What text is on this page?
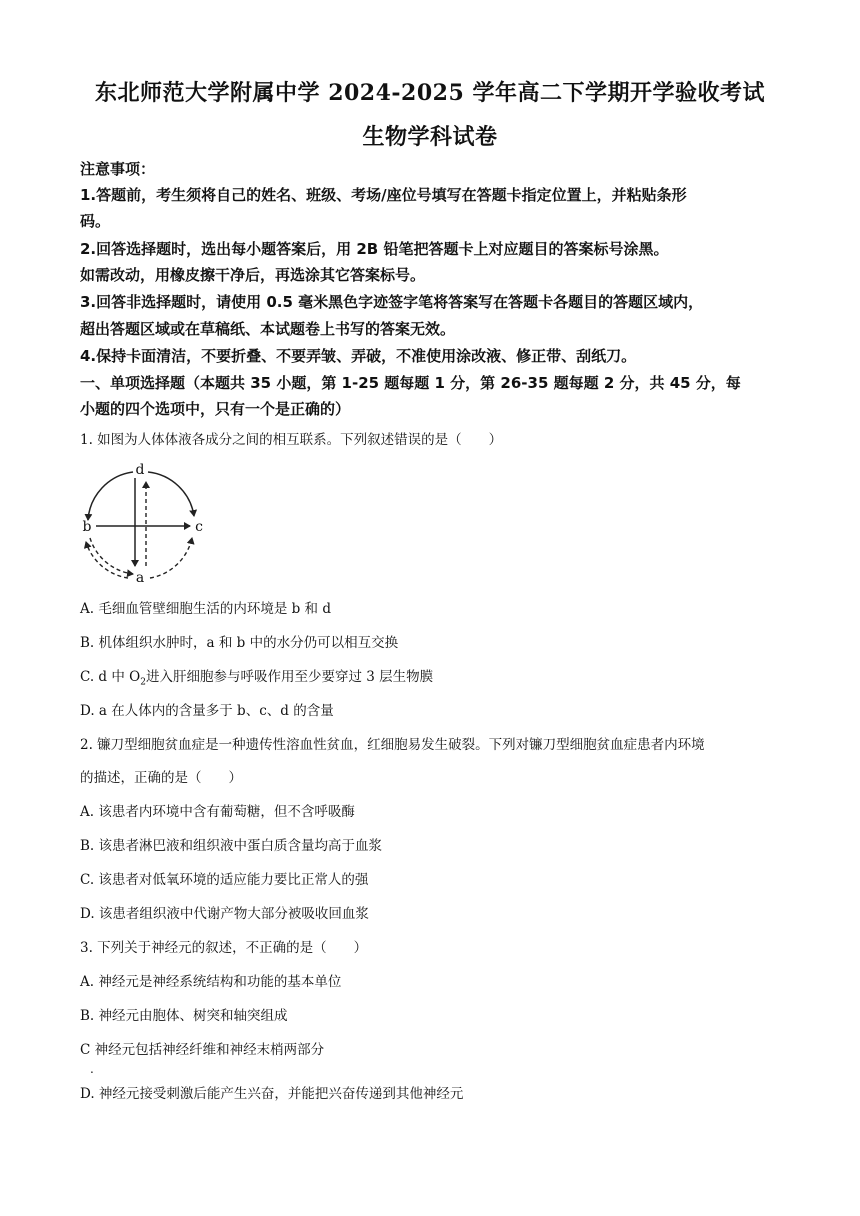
东北师范大学附属中学 2024-2025 学年高二下学期开学验收考试
生物学科试卷
注意事项：
1.答题前，考生须将自己的姓名、班级、考场/座位号填写在答题卡指定位置上，并粘贴条形
码。
2.回答选择题时，选出每小题答案后，用 2B 铅笔把答题卡上对应题目的答案标号涂黑。
如需改动，用橡皮擦干净后，再选涂其它答案标号。
3.回答非选择题时，请使用 0.5 毫米黑色字迹签字笔将答案写在答题卡各题目的答题区域内，
超出答题区域或在草稿纸、本试题卷上书写的答案无效。
4.保持卡面清洁，不要折叠、不要弄皱、弄破，不准使用涂改液、修正带、刮纸刀。
一、单项选择题（本题共 35 小题，第 1-25 题每题 1 分，第 26-35 题每题 2 分，共 45 分，每
小题的四个选项中，只有一个是正确的）
1. 如图为人体体液各成分之间的相互联系。下列叙述错误的是（　　）
d
b	c
a
A. 毛细血管壁细胞生活的内环境是 b 和 d
B. 机体组织水肿时，a 和 b 中的水分仍可以相互交换
C. d 中 $O_2$进入肝细胞参与呼吸作用至少要穿过 3 层生物膜
D. a 在人体内的含量多于 b、c、d 的含量
2. 镰刀型细胞贫血症是一种遗传性溶血性贫血，红细胞易发生破裂。下列对镰刀型细胞贫血症患者内环境
的描述，正确的是（　　）
A. 该患者内环境中含有葡萄糖，但不含呼吸酶
B. 该患者淋巴液和组织液中蛋白质含量均高于血浆
C. 该患者对低氧环境的适应能力要比正常人的强
D. 该患者组织液中代谢产物大部分被吸收回血浆
3. 下列关于神经元的叙述，不正确的是（　　）
A. 神经元是神经系统结构和功能的基本单位
B. 神经元由胞体、树突和轴突组成
C 神经元包括神经纤维和神经末梢两部分
.
D. 神经元接受刺激后能产生兴奋，并能把兴奋传递到其他神经元
